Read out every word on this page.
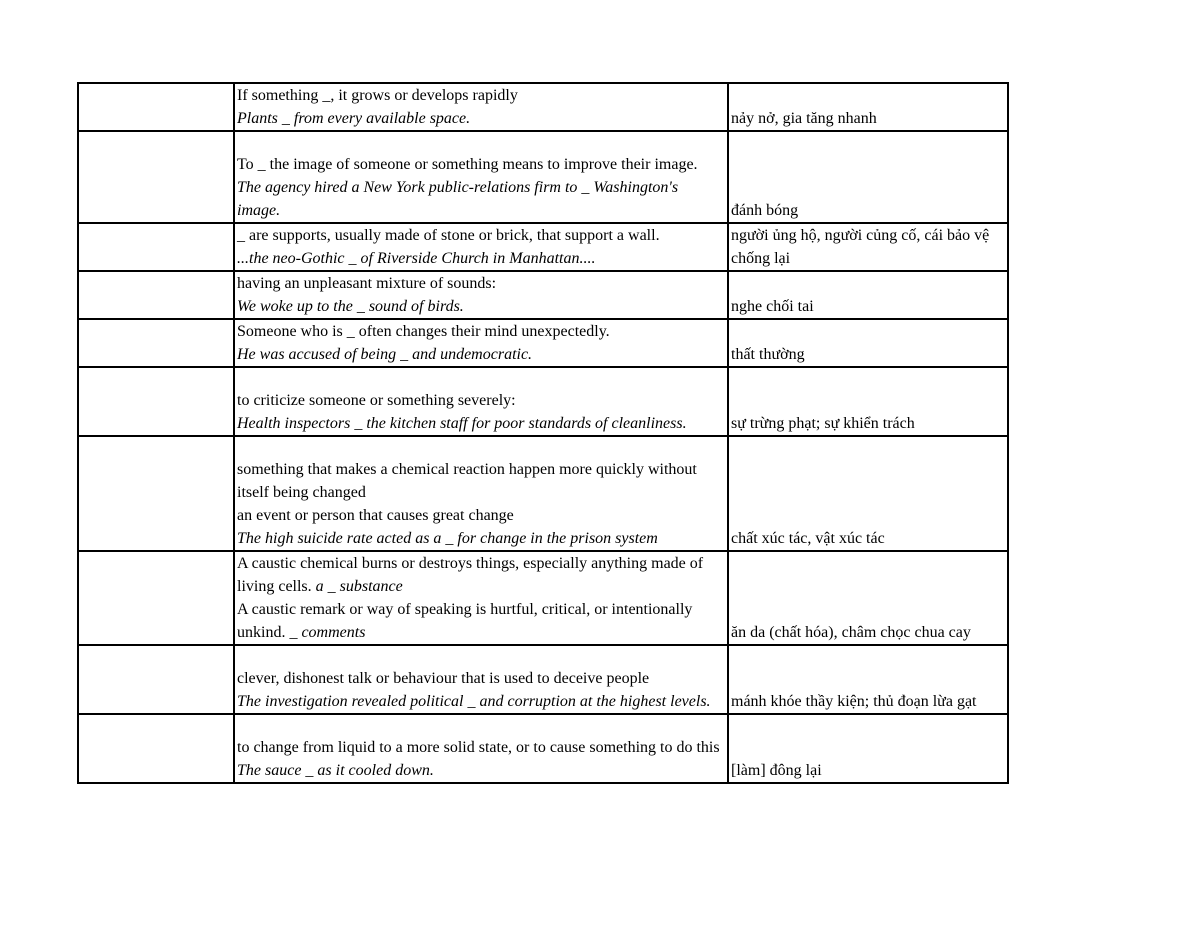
	If something _, it grows or develops rapidly
Plants _ from every available space.	nảy nở, gia tăng nhanh

	To _ the image of someone or something means to improve their image.
The agency hired a New York public-relations firm to _ Washington's image.	đánh bóng

	_ are supports, usually made of stone or brick, that support a wall.
...the neo-Gothic _ of Riverside Church in Manhattan....	người ủng hộ, người củng cố, cái bảo vệ chống lại

	having an unpleasant mixture of sounds:
We woke up to the _ sound of birds.	nghe chối tai

	Someone who is _ often changes their mind unexpectedly.
He was accused of being _ and undemocratic.	thất thường

	to criticize someone or something severely:
Health inspectors _ the kitchen staff for poor standards of cleanliness.	sự trừng phạt; sự khiển trách

	something that makes a chemical reaction happen more quickly without itself being changed
an event or person that causes great change
The high suicide rate acted as a _ for change in the prison system	chất xúc tác, vật xúc tác

	A caustic chemical burns or destroys things, especially anything made of living cells. a _ substance
A caustic remark or way of speaking is hurtful, critical, or intentionally unkind. _ comments	ăn da (chất hóa), châm chọc chua cay

	clever, dishonest talk or behaviour that is used to deceive people
The investigation revealed political _ and corruption at the highest levels.	mánh khóe thầy kiện; thủ đoạn lừa gạt

	to change from liquid to a more solid state, or to cause something to do this
The sauce _ as it cooled down.	[làm] đông lại
